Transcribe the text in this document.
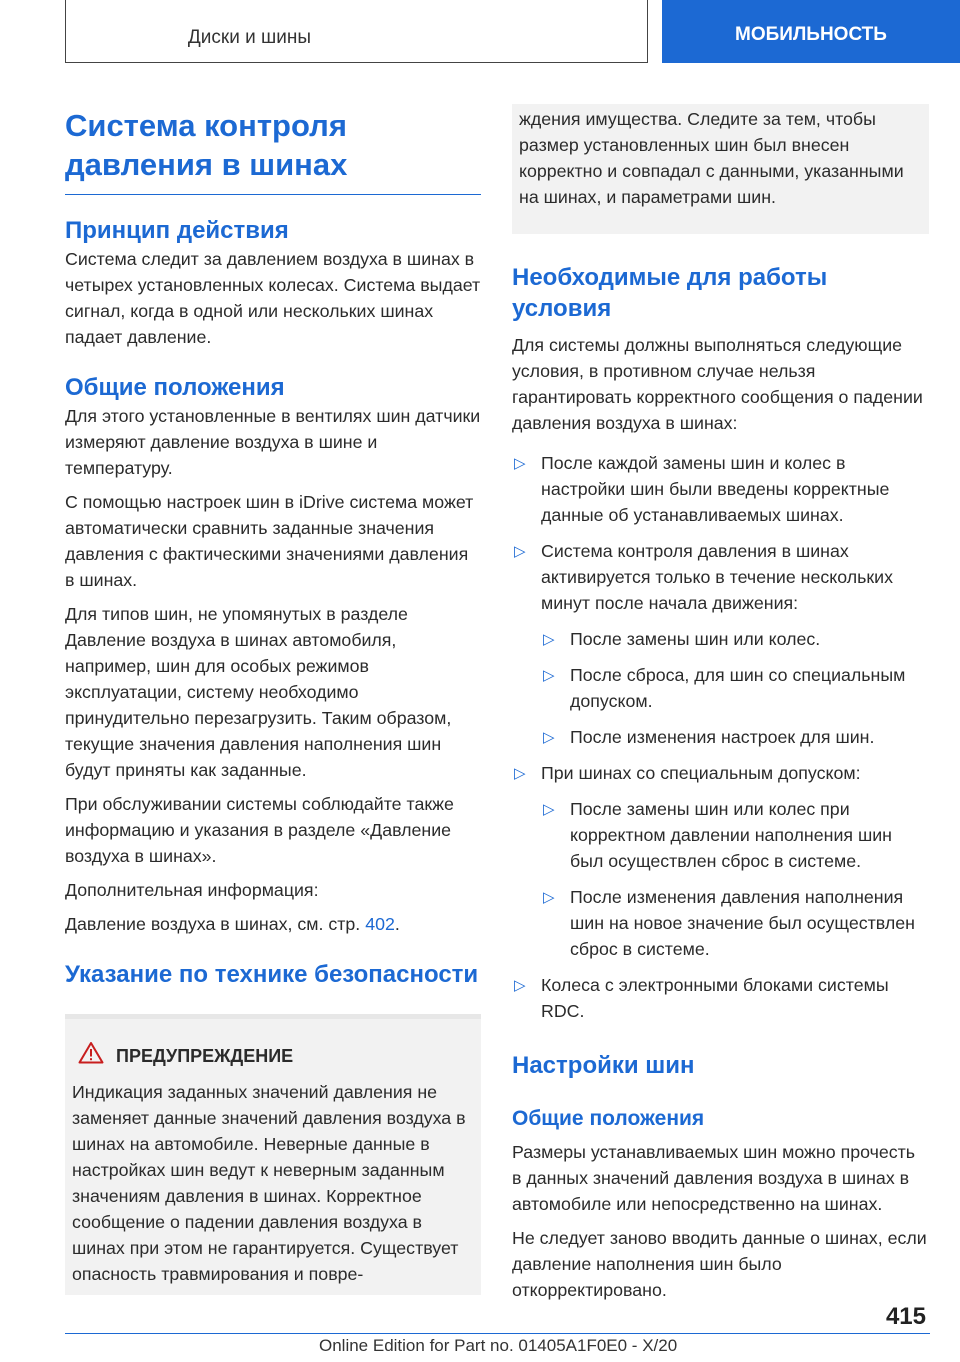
Диски и шины	МОБИЛЬНОСТЬ
Система контроля давления в шинах
Принцип действия

Система следит за давлением воздуха в шинах в четырех установленных колесах. Система выдает сигнал, когда в одной или нескольких шинах падает давление.

Общие положения

Для этого установленные в вентилях шин датчики измеряют давление воздуха в шине и температуру.

С помощью настроек шин в iDrive система может автоматически сравнить заданные значения давления с фактическими значениями давления в шинах.

Для типов шин, не упомянутых в разделе Давление воздуха в шинах автомобиля, например, шин для особых режимов эксплуатации, систему необходимо принудительно перезагрузить. Таким образом, текущие значения давления наполнения шин будут приняты как заданные.

При обслуживании системы соблюдайте также информацию и указания в разделе «Давление воздуха в шинах».

Дополнительная информация:

Давление воздуха в шинах, см. стр. 402.

Указание по технике безопасности
ПРЕДУПРЕЖДЕНИЕ
Индикация заданных значений давления не заменяет данные значений давления воздуха в шинах на автомобиле. Неверные данные в настройках шин ведут к неверным заданным значениям давления в шинах. Корректное сообщение о падении давления воздуха в шинах при этом не гарантируется. Существует опасность травмирования и повре-
ждения имущества. Следите за тем, чтобы размер установленных шин был внесен корректно и совпадал с данными, указанными на шинах, и параметрами шин.
Необходимые для работы условия

Для системы должны выполняться следующие условия, в противном случае нельзя гарантировать корректного сообщения о падении давления воздуха в шинах:

▷ После каждой замены шин и колес в настройки шин были введены корректные данные об устанавливаемых шинах.
▷ Система контроля давления в шинах активируется только в течение нескольких минут после начала движения:
▷ После замены шин или колес.
▷ После сброса, для шин со специальным допуском.
▷ После изменения настроек для шин.
▷ При шинах со специальным допуском:
▷ После замены шин или колес при корректном давлении наполнения шин был осуществлен сброс в системе.
▷ После изменения давления наполнения шин на новое значение был осуществлен сброс в системе.
▷ Колеса с электронными блоками системы RDC.
Настройки шин
Общие положения

Размеры устанавливаемых шин можно прочесть в данных значений давления воздуха в шинах в автомобиле или непосредственно на шинах.

Не следует заново вводить данные о шинах, если давление наполнения шин было откорректировано.

415
Online Edition for Part no. 01405A1F0E0 - X/20
